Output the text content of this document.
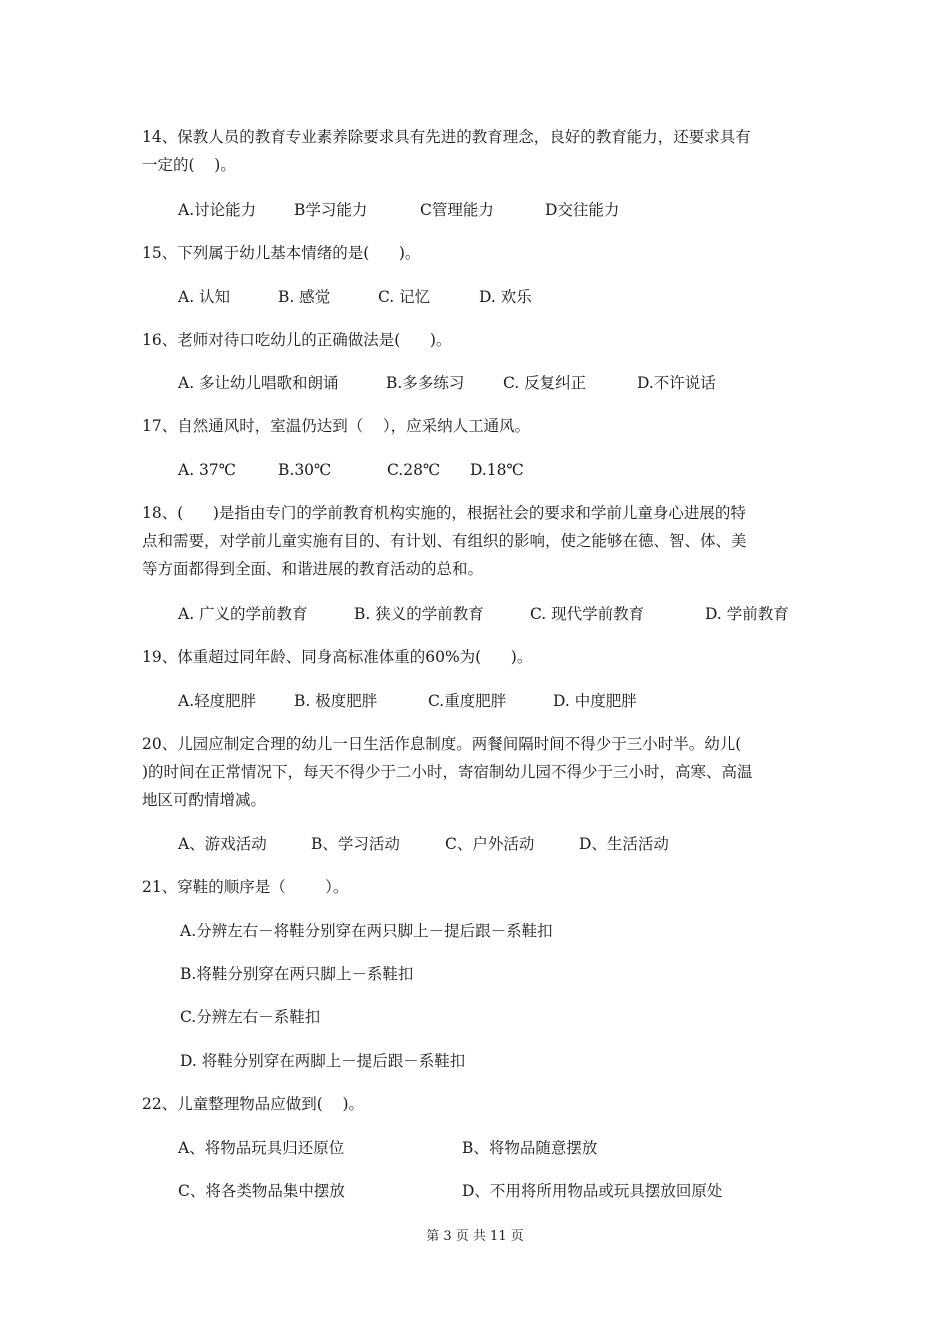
14、保教人员的教育专业素养除要求具有先进的教育理念，良好的教育能力，还要求具有
一定的(    )。
A.讨论能力 B学习能力	C管理能力	D交往能力
15、下列属于幼儿基本情绪的是(      )。
A. 认知	B. 感觉	C. 记忆	D. 欢乐
16、老师对待口吃幼儿的正确做法是(      )。
A. 多让幼儿唱歌和朗诵	B.多多练习 C. 反复纠正	D.不许说话
17、自然通风时，室温仍达到（    ），应采纳人工通风。
A. 37℃	B.30℃	C.28℃ D.18℃
18、(      )是指由专门的学前教育机构实施的，根据社会的要求和学前儿童身心进展的特
点和需要，对学前儿童实施有目的、有计划、有组织的影响，使之能够在德、智、体、美
等方面都得到全面、和谐进展的教育活动的总和。
A. 广义的学前教育	B. 狭义的学前教育	C. 现代学前教育	D. 学前教育
19、体重超过同年龄、同身高标准体重的60%为(      )。
A.轻度肥胖 B. 极度肥胖	C.重度肥胖	D. 中度肥胖
20、儿园应制定合理的幼儿一日生活作息制度。两餐间隔时间不得少于三小时半。幼儿(
)的时间在正常情况下，每天不得少于二小时，寄宿制幼儿园不得少于三小时，高寒、高温
地区可酌情增减。
A、游戏活动	B、学习活动	C、户外活动	D、生活活动
21、穿鞋的顺序是（        ）。
A.分辨左右－将鞋分别穿在两只脚上－提后跟－系鞋扣
B.将鞋分别穿在两只脚上－系鞋扣
C.分辨左右－系鞋扣
D. 将鞋分别穿在两脚上－提后跟－系鞋扣
22、儿童整理物品应做到(    )。
A、将物品玩具归还原位	B、将物品随意摆放
C、将各类物品集中摆放	D、不用将所用物品或玩具摆放回原处
第 3 页 共 11 页
